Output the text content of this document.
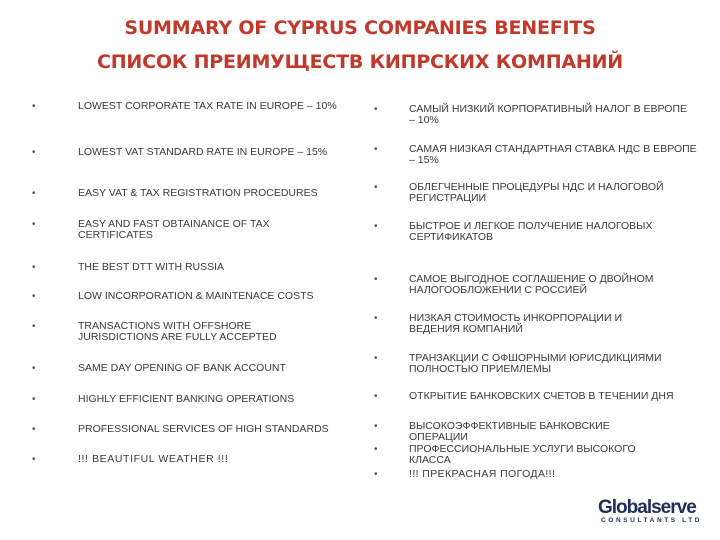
SUMMARY OF CYPRUS COMPANIES BENEFITS
СПИСОК ПРЕИМУЩЕСТВ КИПРСКИХ КОМПАНИЙ
•	LOWEST CORPORATE TAX RATE IN EUROPE – 10%
•	LOWEST VAT STANDARD RATE IN EUROPE – 15%
•	EASY VAT & TAX REGISTRATION PROCEDURES
•	EASY AND FAST OBTAINANCE OF TAX CERTIFICATES
•	THE BEST DTT WITH RUSSIA
•	LOW INCORPORATION & MAINTENACE COSTS
•	TRANSACTIONS WITH OFFSHORE JURISDICTIONS ARE FULLY ACCEPTED
•	SAME DAY OPENING OF BANK ACCOUNT
•	HIGHLY EFFICIENT BANKING OPERATIONS
•	PROFESSIONAL SERVICES OF HIGH STANDARDS
•	!!! BEAUTIFUL WEATHER !!!
•	САМЫЙ НИЗКИЙ КОРПОРАТИВНЫЙ НАЛОГ В ЕВРОПЕ – 10%
•	САМАЯ НИЗКАЯ СТАНДАРТНАЯ СТАВКА НДС В ЕВРОПЕ – 15%
•	ОБЛЕГЧЕННЫЕ ПРОЦЕДУРЫ НДС И НАЛОГОВОЙ РЕГИСТРАЦИИ
•	БЫСТРОЕ И ЛЕГКОЕ ПОЛУЧЕНИЕ НАЛОГОВЫХ СЕРТИФИКАТОВ
•	САМОЕ ВЫГОДНОЕ СОГЛАШЕНИЕ О ДВОЙНОМ НАЛОГООБЛОЖЕНИИ С РОССИЕЙ
•	НИЗКАЯ СТОИМОСТЬ ИНКОРПОРАЦИИ И ВЕДЕНИЯ КОМПАНИЙ
•	ТРАНЗАКЦИИ С ОФШОРНЫМИ ЮРИСДИКЦИЯМИ ПОЛНОСТЬЮ ПРИЕМЛЕМЫ
•	ОТКРЫТИЕ БАНКОВСКИХ СЧЕТОВ В ТЕЧЕНИИ ДНЯ
•	ВЫСОКОЭФФЕКТИВНЫЕ БАНКОВСКИЕ ОПЕРАЦИИ
•	ПРОФЕССИОНАЛЬНЫЕ УСЛУГИ ВЫСОКОГО КЛАССА
•	!!! ПРЕКРАСНАЯ ПОГОДА!!!
Globalserve
CONSULTANTS LTD
